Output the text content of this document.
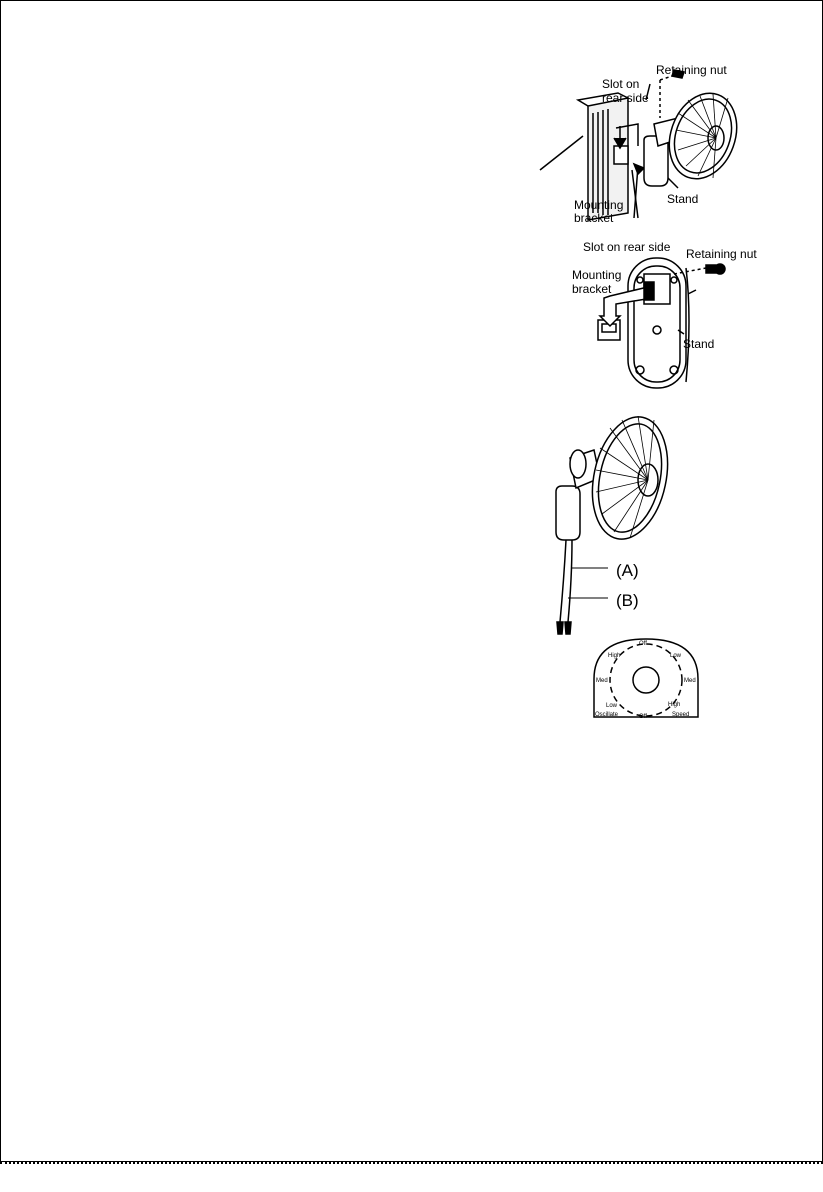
Retaining nut
Slot on
rear side
Mounting
bracket
Stand
Slot on rear side Retaining nut
Mounting
bracket
Stand
(A)
(B)
Off
High	Low
Med	Med
Low	High
Oscillate	Off	Speed
